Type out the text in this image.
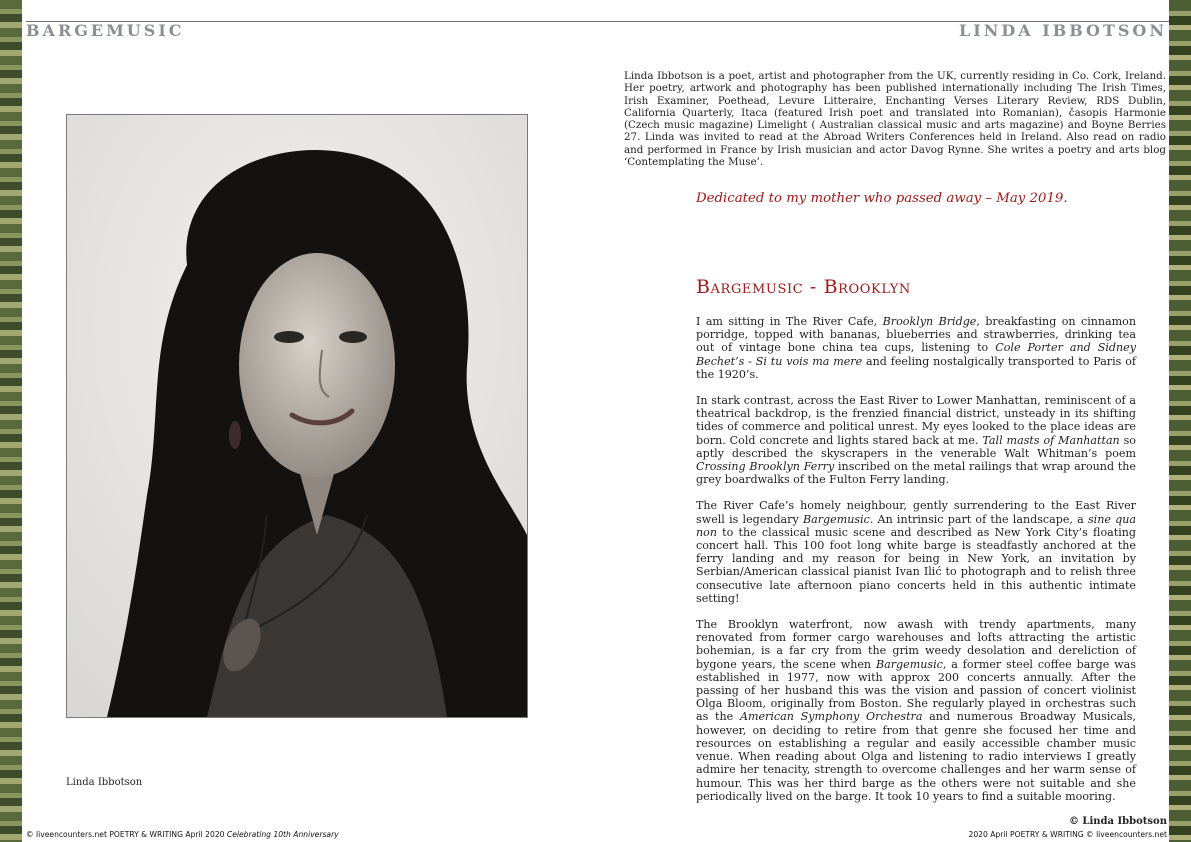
BARGEMUSIC	LINDA IBBOTSON
Linda Ibbotson
Linda Ibbotson is a poet, artist and photographer from the UK, currently residing in Co. Cork, Ireland. Her poetry, artwork and photography has been published internationally including The Irish Times, Irish Examiner, Poethead, Levure Litteraire, Enchanting Verses Literary Review, RDS Dublin, California Quarterly, Itaca (featured Irish poet and translated into Romanian), časopis Harmonie (Czech music magazine) Limelight ( Australian classical music and arts magazine) and Boyne Berries 27. Linda was invited to read at the Abroad Writers Conferences held in Ireland. Also read on radio and performed in France by Irish musician and actor Davog Rynne. She writes a poetry and arts blog ‘Contemplating the Muse’.
Dedicated to my mother who passed away – May 2019.
Bargemusic - Brooklyn

I am sitting in The River Cafe, Brooklyn Bridge, breakfasting on cinnamon porridge, topped with bananas, blueberries and strawberries, drinking tea out of vintage bone china tea cups, listening to Cole Porter and Sidney Bechet’s - Si tu vois ma mere and feeling nostalgically transported to Paris of the 1920’s.

In stark contrast, across the East River to Lower Manhattan, reminiscent of a theatrical backdrop, is the frenzied financial district, unsteady in its shifting tides of commerce and political unrest. My eyes looked to the place ideas are born. Cold concrete and lights stared back at me. Tall masts of Manhattan so aptly described the skyscrapers in the venerable Walt Whitman’s poem Crossing Brooklyn Ferry inscribed on the metal railings that wrap around the grey boardwalks of the Fulton Ferry landing.

The River Cafe’s homely neighbour, gently surrendering to the East River swell is legendary Bargemusic. An intrinsic part of the landscape, a sine qua non to the classical music scene and described as New York City’s floating concert hall. This 100 foot long white barge is steadfastly anchored at the ferry landing and my reason for being in New York, an invitation by Serbian/American classical pianist Ivan Ilić to photograph and to relish three consecutive late afternoon piano concerts held in this authentic intimate setting!

The Brooklyn waterfront, now awash with trendy apartments, many renovated from former cargo warehouses and lofts attracting the artistic bohemian, is a far cry from the grim weedy desolation and dereliction of bygone years, the scene when Bargemusic, a former steel coffee barge was established in 1977, now with approx 200 concerts annually. After the passing of her husband this was the vision and passion of concert violinist Olga Bloom, originally from Boston. She regularly played in orchestras such as the American Symphony Orchestra and numerous Broadway Musicals, however, on deciding to retire from that genre she focused her time and resources on establishing a regular and easily accessible chamber music venue. When reading about Olga and listening to radio interviews I greatly admire her tenacity, strength to overcome challenges and her warm sense of humour. This was her third barge as the others were not suitable and she periodically lived on the barge. It took 10 years to find a suitable mooring.

© Linda Ibbotson
© liveencounters.net POETRY & WRITING April 2020 Celebrating 10th Anniversary	2020 April POETRY & WRITING © liveencounters.net
